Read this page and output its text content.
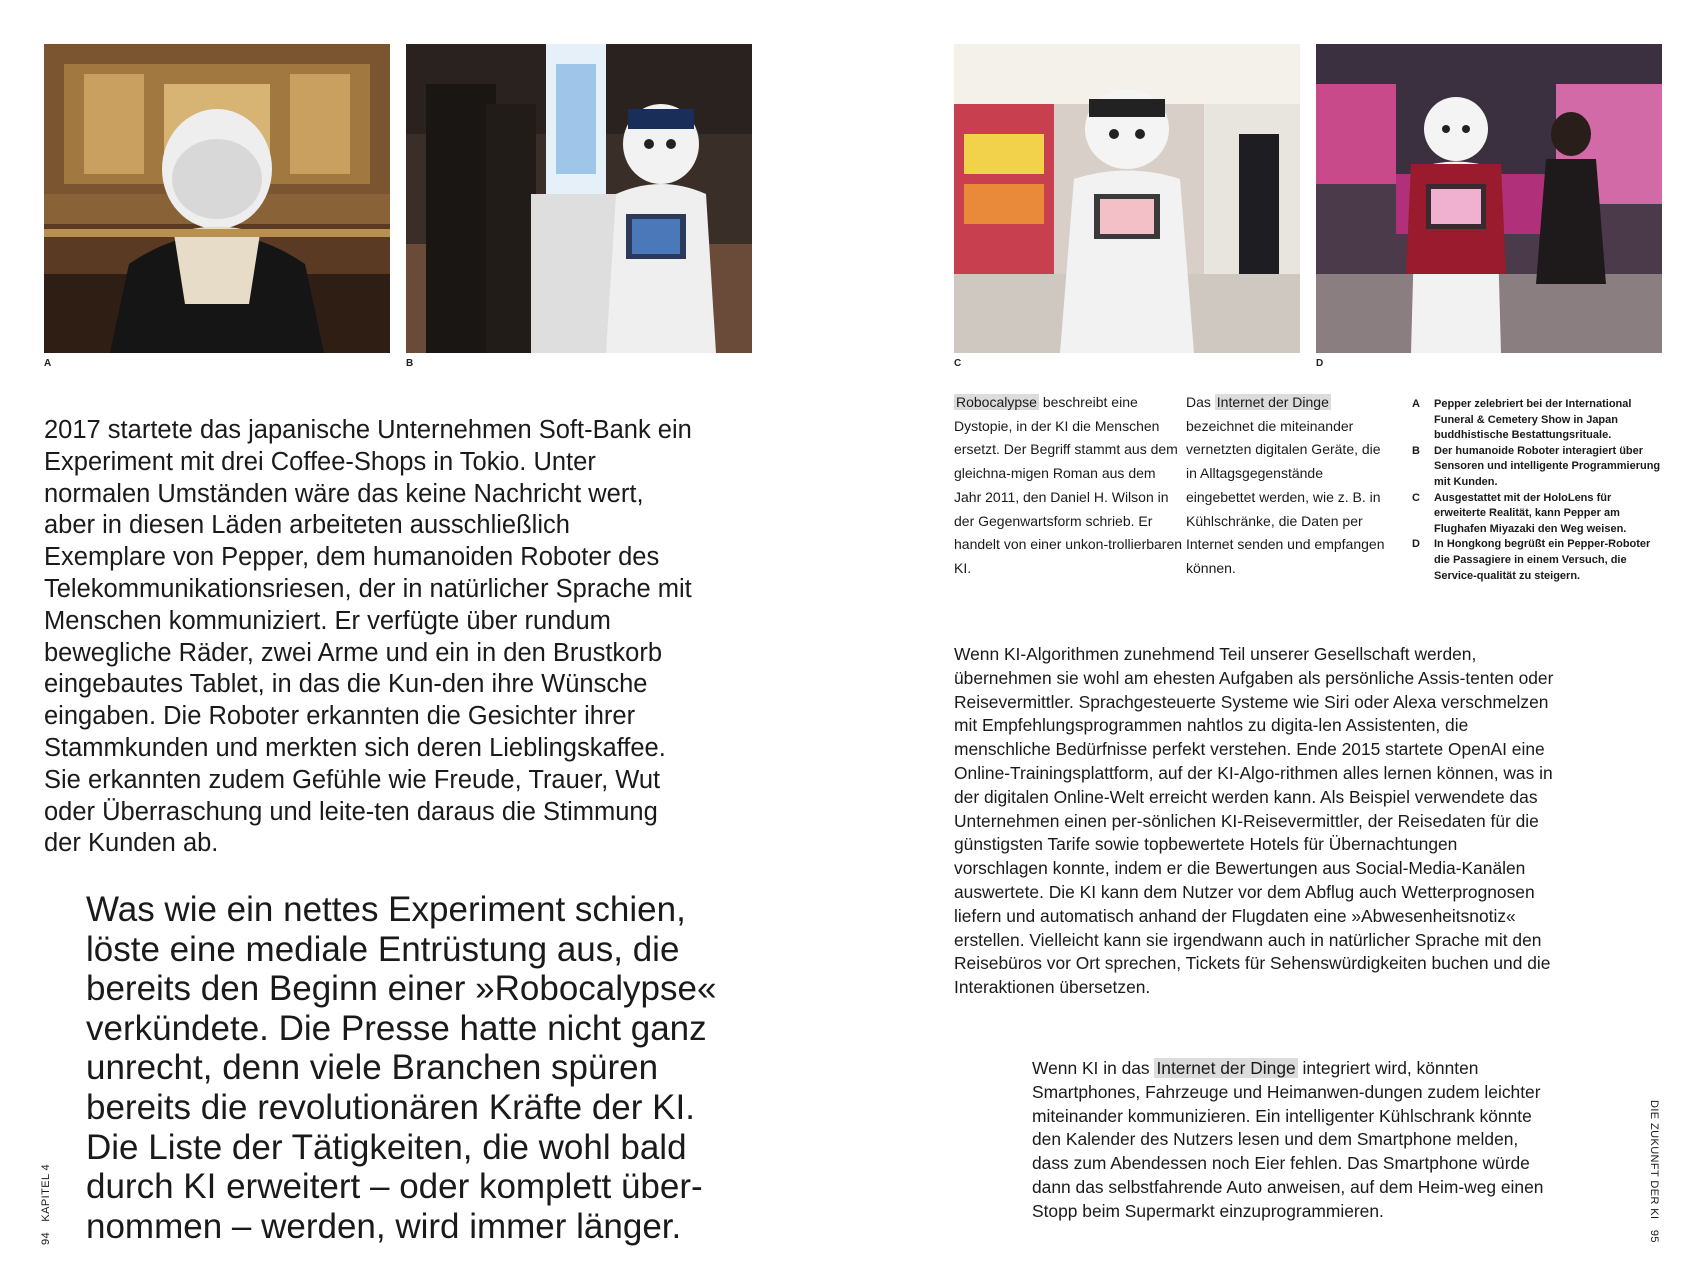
A	B	C	D

2017 startete das japanische Unternehmen Soft-Bank ein Experiment mit drei Coffee-Shops in Tokio. Unter normalen Umständen wäre das keine Nachricht wert, aber in diesen Läden arbeiteten ausschließlich Exemplare von Pepper, dem humanoiden Roboter des Telekommunikationsriesen, der in natürlicher Sprache mit Menschen kommuniziert. Er verfügte über rundum bewegliche Räder, zwei Arme und ein in den Brustkorb eingebautes Tablet, in das die Kun-den ihre Wünsche eingaben. Die Roboter erkannten die Gesichter ihrer Stammkunden und merkten sich deren Lieblingskaffee. Sie erkannten zudem Gefühle wie Freude, Trauer, Wut oder Überraschung und leite-ten daraus die Stimmung der Kunden ab.

Was wie ein nettes Experiment schien, löste eine mediale Entrüstung aus, die bereits den Beginn einer »Robocalypse« verkündete. Die Presse hatte nicht ganz unrecht, denn viele Branchen spüren bereits die revolutionären Kräfte der KI. Die Liste der Tätigkeiten, die wohl bald durch KI erweitert – oder komplett über-nommen – werden, wird immer länger.

94   KAPITEL 4

Robocalypse beschreibt eine Dystopie, in der KI die Menschen ersetzt. Der Begriff stammt aus dem gleichna-migen Roman aus dem Jahr 2011, den Daniel H. Wilson in der Gegenwartsform schrieb. Er handelt von einer unkon-trollierbaren KI.

Das Internet der Dinge bezeichnet die miteinander vernetzten digitalen Geräte, die in Alltagsgegenstände eingebettet werden, wie z. B. in Kühlschränke, die Daten per Internet senden und empfangen können.

A Pepper zelebriert bei der International Funeral & Cemetery Show in Japan buddhistische Bestattungsrituale.
B Der humanoide Roboter interagiert über Sensoren und intelligente Programmierung mit Kunden.
C Ausgestattet mit der HoloLens für erweiterte Realität, kann Pepper am Flughafen Miyazaki den Weg weisen.
D In Hongkong begrüßt ein Pepper-Roboter die Passagiere in einem Versuch, die Service-qualität zu steigern.

Wenn KI-Algorithmen zunehmend Teil unserer Gesellschaft werden, übernehmen sie wohl am ehesten Aufgaben als persönliche Assis-tenten oder Reisevermittler. Sprachgesteuerte Systeme wie Siri oder Alexa verschmelzen mit Empfehlungsprogrammen nahtlos zu digita-len Assistenten, die menschliche Bedürfnisse perfekt verstehen. Ende 2015 startete OpenAI eine Online-Trainingsplattform, auf der KI-Algo-rithmen alles lernen können, was in der digitalen Online-Welt erreicht werden kann. Als Beispiel verwendete das Unternehmen einen per-sönlichen KI-Reisevermittler, der Reisedaten für die günstigsten Tarife sowie topbewertete Hotels für Übernachtungen vorschlagen konnte, indem er die Bewertungen aus Social-Media-Kanälen auswertete. Die KI kann dem Nutzer vor dem Abflug auch Wetterprognosen liefern und automatisch anhand der Flugdaten eine »Abwesenheitsnotiz« erstellen. Vielleicht kann sie irgendwann auch in natürlicher Sprache mit den Reisebüros vor Ort sprechen, Tickets für Sehenswürdigkeiten buchen und die Interaktionen übersetzen.

Wenn KI in das Internet der Dinge integriert wird, könnten Smartphones, Fahrzeuge und Heimanwen-dungen zudem leichter miteinander kommunizieren. Ein intelligenter Kühlschrank könnte den Kalender des Nutzers lesen und dem Smartphone melden, dass zum Abendessen noch Eier fehlen. Das Smartphone würde dann das selbstfahrende Auto anweisen, auf dem Heim-weg einen Stopp beim Supermarkt einzuprogrammieren.	DIE ZUKUNFT DER KI   95
